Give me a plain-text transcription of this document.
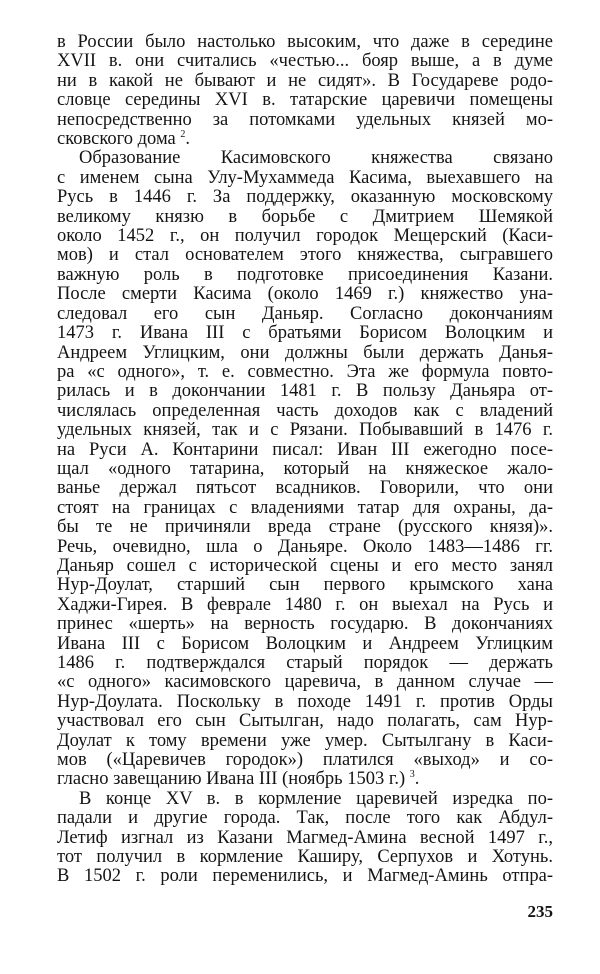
в России было настолько высоким, что даже в середине
XVII в. они считались «честью... бояр выше, а в думе
ни в какой не бывают и не сидят». В Государеве родо-
словце середины XVI в. татарские царевичи помещены
непосредственно за потомками удельных князей мо-
сковского дома $^2$.
Образование Касимовского княжества связано
с именем сына Улу-Мухаммеда Касима, выехавшего на
Русь в 1446 г. За поддержку, оказанную московскому
великому князю в борьбе с Дмитрием Шемякой
около 1452 г., он получил городок Мещерский (Каси-
мов) и стал основателем этого княжества, сыгравшего
важную роль в подготовке присоединения Казани.
После смерти Касима (около 1469 г.) княжество уна-
следовал его сын Даньяр. Согласно докончаниям
1473 г. Ивана III с братьями Борисом Волоцким и
Андреем Углицким, они должны были держать Данья-
ра «с одного», т. е. совместно. Эта же формула повто-
рилась и в докончании 1481 г. В пользу Даньяра от-
числялась определенная часть доходов как с владений
удельных князей, так и с Рязани. Побывавший в 1476 г.
на Руси А. Контарини писал: Иван III ежегодно посе-
щал «одного татарина, который на княжеское жало-
ванье держал пятьсот всадников. Говорили, что они
стоят на границах с владениями татар для охраны, да-
бы те не причиняли вреда стране (русского князя)».
Речь, очевидно, шла о Даньяре. Около 1483—1486 гг.
Даньяр сошел с исторической сцены и его место занял
Нур-Доулат, старший сын первого крымского хана
Хаджи-Гирея. В феврале 1480 г. он выехал на Русь и
принес «шерть» на верность государю. В докончаниях
Ивана III с Борисом Волоцким и Андреем Углицким
1486 г. подтверждался старый порядок — держать
«с одного» касимовского царевича, в данном случае —
Нур-Доулата. Поскольку в походе 1491 г. против Орды
участвовал его сын Сытылган, надо полагать, сам Нур-
Доулат к тому времени уже умер. Сытылгану в Каси-
мов («Царевичев городок») платился «выход» и со-
гласно завещанию Ивана III (ноябрь 1503 г.) $^3$.
В конце XV в. в кормление царевичей изредка по-
падали и другие города. Так, после того как Абдул-
Летиф изгнал из Казани Магмед-Амина весной 1497 г.,
тот получил в кормление Каширу, Серпухов и Хотунь.
В 1502 г. роли переменились, и Магмед-Аминь отпра-
235
